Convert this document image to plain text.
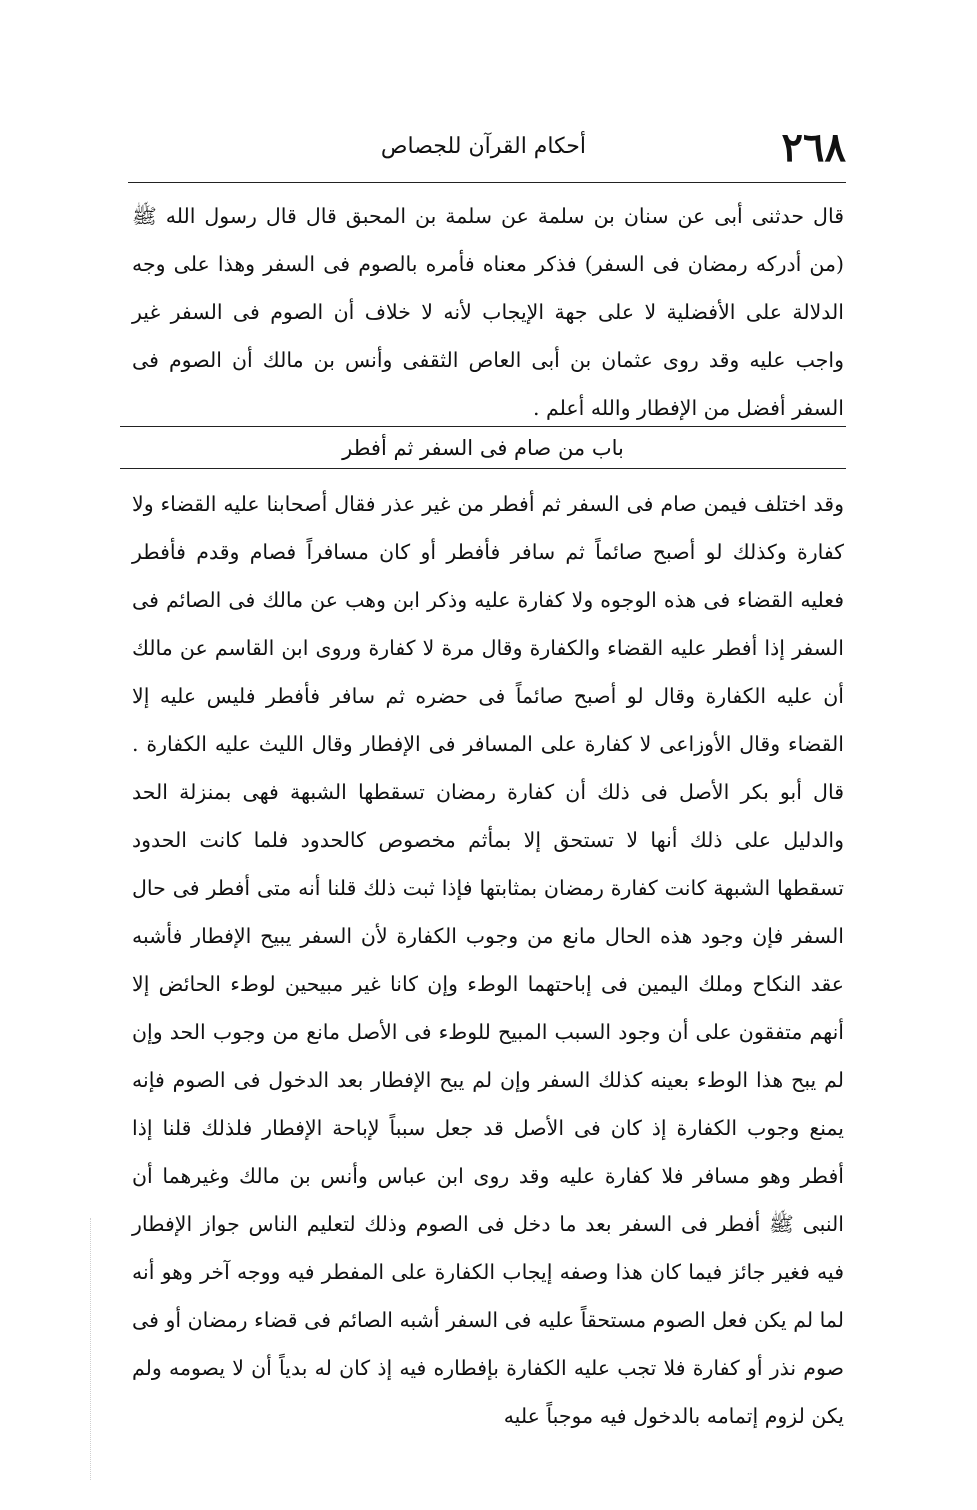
٢٦٨
أحكام القرآن للجصاص

قال حدثنى أبى عن سنان بن سلمة عن سلمة بن المحبق قال قال رسول الله ﷺ (من أدركه رمضان فى السفر) فذكر معناه فأمره بالصوم فى السفر وهذا على وجه الدلالة على الأفضلية لا على جهة الإيجاب لأنه لا خلاف أن الصوم فى السفر غير واجب عليه وقد روى عثمان بن أبى العاص الثقفى وأنس بن مالك أن الصوم فى السفر أفضل من الإفطار والله أعلم .

باب من صام فى السفر ثم أفطر

وقد اختلف فيمن صام فى السفر ثم أفطر من غير عذر فقال أصحابنا عليه القضاء ولا كفارة وكذلك لو أصبح صائماً ثم سافر فأفطر أو كان مسافراً فصام وقدم فأفطر فعليه القضاء فى هذه الوجوه ولا كفارة عليه وذكر ابن وهب عن مالك فى الصائم فى السفر إذا أفطر عليه القضاء والكفارة وقال مرة لا كفارة وروى ابن القاسم عن مالك أن عليه الكفارة وقال لو أصبح صائماً فى حضره ثم سافر فأفطر فليس عليه إلا القضاء وقال الأوزاعى لا كفارة على المسافر فى الإفطار وقال الليث عليه الكفارة . قال أبو بكر الأصل فى ذلك أن كفارة رمضان تسقطها الشبهة فهى بمنزلة الحد والدليل على ذلك أنها لا تستحق إلا بمأثم مخصوص كالحدود فلما كانت الحدود تسقطها الشبهة كانت كفارة رمضان بمثابتها فإذا ثبت ذلك قلنا أنه متى أفطر فى حال السفر فإن وجود هذه الحال مانع من وجوب الكفارة لأن السفر يبيح الإفطار فأشبه عقد النكاح وملك اليمين فى إباحتهما الوطء وإن كانا غير مبيحين لوطء الحائض إلا أنهم متفقون على أن وجود السبب المبيح للوطء فى الأصل مانع من وجوب الحد وإن لم يبح هذا الوطء بعينه كذلك السفر وإن لم يبح الإفطار بعد الدخول فى الصوم فإنه يمنع وجوب الكفارة إذ كان فى الأصل قد جعل سبباً لإباحة الإفطار فلذلك قلنا إذا أفطر وهو مسافر فلا كفارة عليه وقد روى ابن عباس وأنس بن مالك وغيرهما أن النبى ﷺ أفطر فى السفر بعد ما دخل فى الصوم وذلك لتعليم الناس جواز الإفطار فيه فغير جائز فيما كان هذا وصفه إيجاب الكفارة على المفطر فيه ووجه آخر وهو أنه لما لم يكن فعل الصوم مستحقاً عليه فى السفر أشبه الصائم فى قضاء رمضان أو فى صوم نذر أو كفارة فلا تجب عليه الكفارة بإفطاره فيه إذ كان له بدياً أن لا يصومه ولم يكن لزوم إتمامه بالدخول فيه موجباً عليه
